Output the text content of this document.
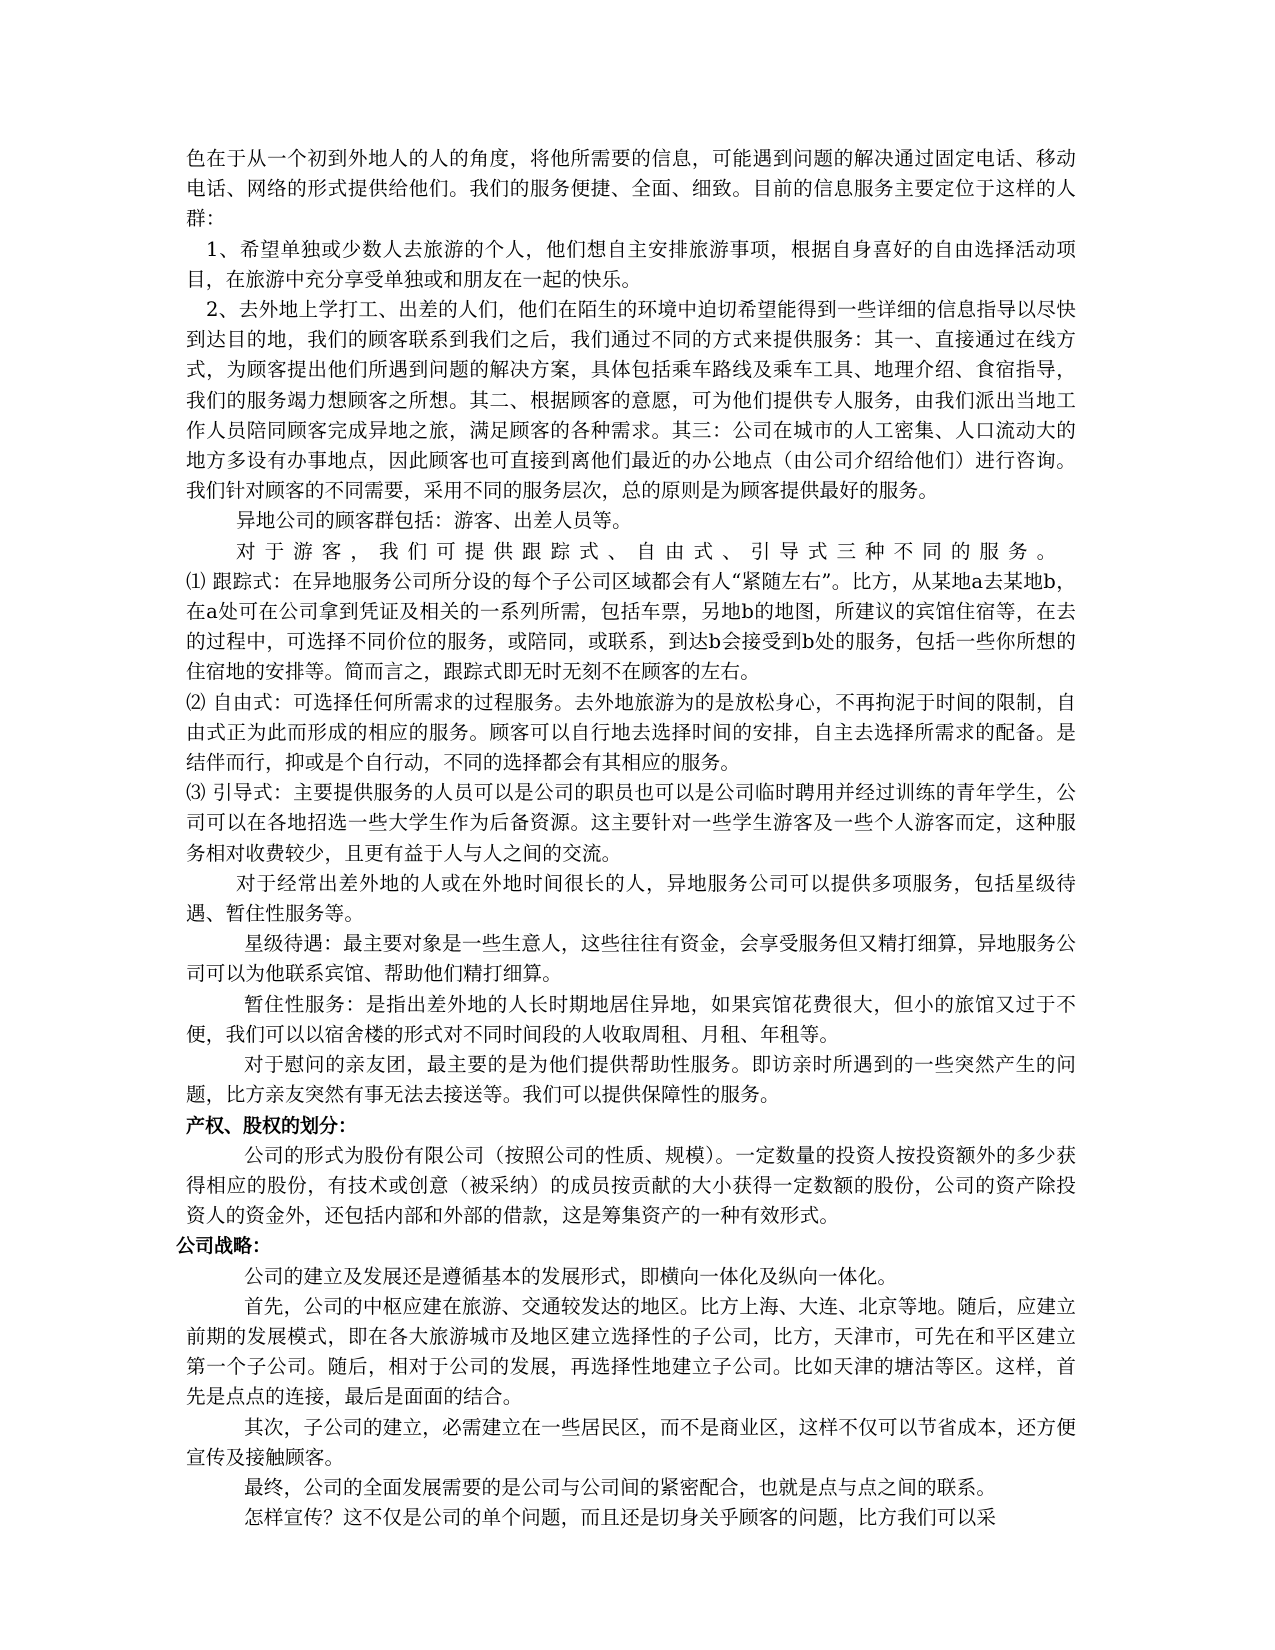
色在于从一个初到外地人的人的角度，将他所需要的信息，可能遇到问题的解决通过固定电话、移动电话、网络的形式提供给他们。我们的服务便捷、全面、细致。目前的信息服务主要定位于这样的人群：

1、希望单独或少数人去旅游的个人，他们想自主安排旅游事项，根据自身喜好的自由选择活动项目，在旅游中充分享受单独或和朋友在一起的快乐。

2、去外地上学打工、出差的人们，他们在陌生的环境中迫切希望能得到一些详细的信息指导以尽快到达目的地，我们的顾客联系到我们之后，我们通过不同的方式来提供服务：其一、直接通过在线方式，为顾客提出他们所遇到问题的解决方案，具体包括乘车路线及乘车工具、地理介绍、食宿指导，我们的服务竭力想顾客之所想。其二、根据顾客的意愿，可为他们提供专人服务，由我们派出当地工作人员陪同顾客完成异地之旅，满足顾客的各种需求。其三：公司在城市的人工密集、人口流动大的地方多设有办事地点，因此顾客也可直接到离他们最近的办公地点（由公司介绍给他们）进行咨询。我们针对顾客的不同需要，采用不同的服务层次，总的原则是为顾客提供最好的服务。

异地公司的顾客群包括：游客、出差人员等。

对于游客，我们可提供跟踪式、自由式、引导式三种不同的服务。

⑴ 跟踪式：在异地服务公司所分设的每个子公司区域都会有人“紧随左右”。比方，从某地a去某地b，在a处可在公司拿到凭证及相关的一系列所需，包括车票，另地b的地图，所建议的宾馆住宿等，在去的过程中，可选择不同价位的服务，或陪同，或联系，到达b会接受到b处的服务，包括一些你所想的住宿地的安排等。简而言之，跟踪式即无时无刻不在顾客的左右。

⑵ 自由式：可选择任何所需求的过程服务。去外地旅游为的是放松身心，不再拘泥于时间的限制，自由式正为此而形成的相应的服务。顾客可以自行地去选择时间的安排，自主去选择所需求的配备。是结伴而行，抑或是个自行动，不同的选择都会有其相应的服务。

⑶ 引导式：主要提供服务的人员可以是公司的职员也可以是公司临时聘用并经过训练的青年学生，公司可以在各地招选一些大学生作为后备资源。这主要针对一些学生游客及一些个人游客而定，这种服务相对收费较少，且更有益于人与人之间的交流。

对于经常出差外地的人或在外地时间很长的人，异地服务公司可以提供多项服务，包括星级待遇、暂住性服务等。

星级待遇：最主要对象是一些生意人，这些往往有资金，会享受服务但又精打细算，异地服务公司可以为他联系宾馆、帮助他们精打细算。

暂住性服务：是指出差外地的人长时期地居住异地，如果宾馆花费很大，但小的旅馆又过于不便，我们可以以宿舍楼的形式对不同时间段的人收取周租、月租、年租等。

对于慰问的亲友团，最主要的是为他们提供帮助性服务。即访亲时所遇到的一些突然产生的问题，比方亲友突然有事无法去接送等。我们可以提供保障性的服务。

产权、股权的划分：

公司的形式为股份有限公司（按照公司的性质、规模）。一定数量的投资人按投资额外的多少获得相应的股份，有技术或创意（被采纳）的成员按贡献的大小获得一定数额的股份，公司的资产除投资人的资金外，还包括内部和外部的借款，这是筹集资产的一种有效形式。

公司战略：

公司的建立及发展还是遵循基本的发展形式，即横向一体化及纵向一体化。

首先，公司的中枢应建在旅游、交通较发达的地区。比方上海、大连、北京等地。随后，应建立前期的发展模式，即在各大旅游城市及地区建立选择性的子公司，比方，天津市，可先在和平区建立第一个子公司。随后，相对于公司的发展，再选择性地建立子公司。比如天津的塘沽等区。这样，首先是点点的连接，最后是面面的结合。

其次，子公司的建立，必需建立在一些居民区，而不是商业区，这样不仅可以节省成本，还方便宣传及接触顾客。

最终，公司的全面发展需要的是公司与公司间的紧密配合，也就是点与点之间的联系。

怎样宣传？这不仅是公司的单个问题，而且还是切身关乎顾客的问题，比方我们可以采
